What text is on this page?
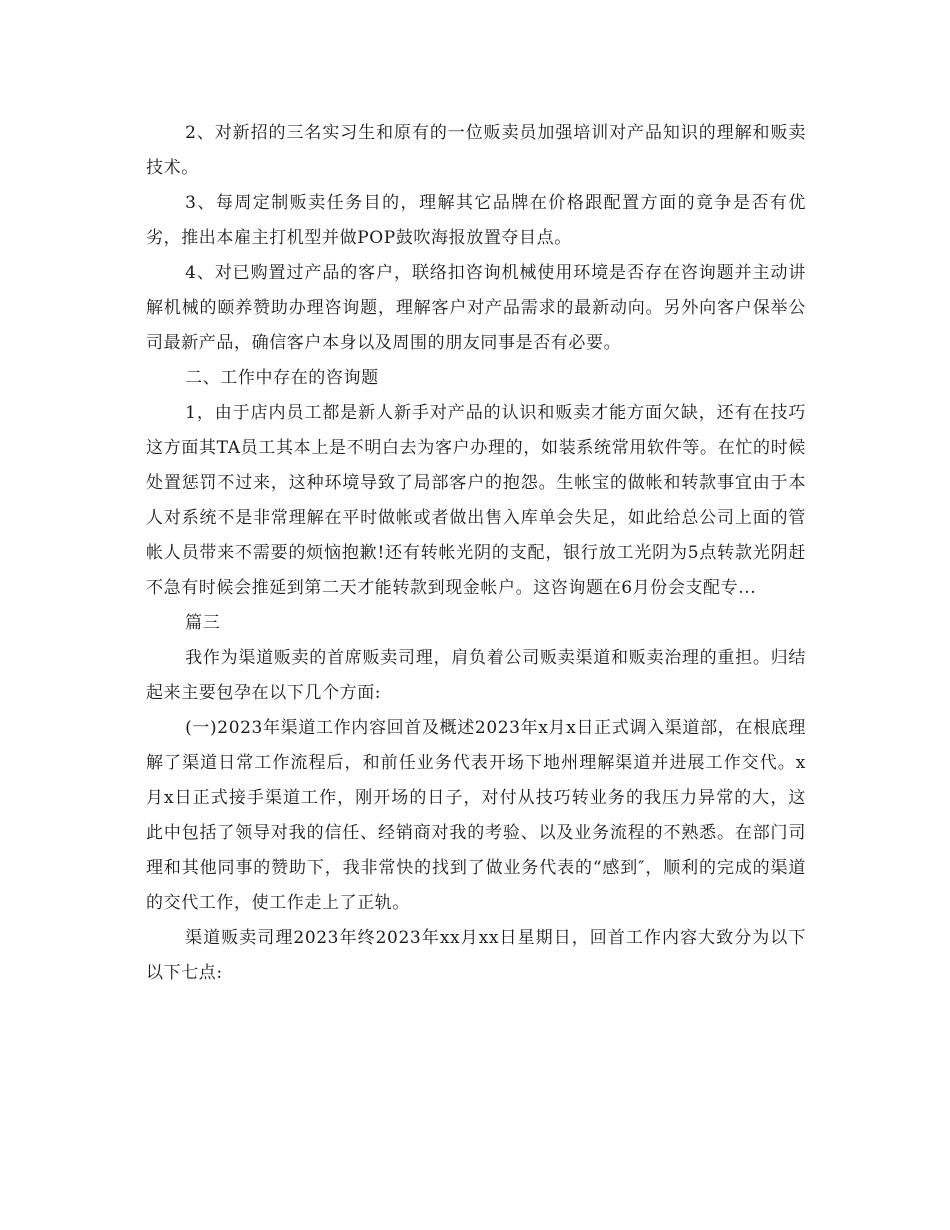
2、对新招的三名实习生和原有的一位贩卖员加强培训对产品知识的理解和贩卖技术。

3、每周定制贩卖任务目的，理解其它品牌在价格跟配置方面的竟争是否有优劣，推出本雇主打机型并做POP鼓吹海报放置夺目点。

4、对已购置过产品的客户，联络扣咨询机械使用环境是否存在咨询题并主动讲解机械的颐养赞助办理咨询题，理解客户对产品需求的最新动向。另外向客户保举公司最新产品，确信客户本身以及周围的朋友同事是否有必要。

二、工作中存在的咨询题

1，由于店内员工都是新人新手对产品的认识和贩卖才能方面欠缺，还有在技巧这方面其TA员工其本上是不明白去为客户办理的，如装系统常用软件等。在忙的时候处置惩罚不过来，这种环境导致了局部客户的抱怨。生帐宝的做帐和转款事宜由于本人对系统不是非常理解在平时做帐或者做出售入库单会失足，如此给总公司上面的管帐人员带来不需要的烦恼抱歉!还有转帐光阴的支配，银行放工光阴为5点转款光阴赶不急有时候会推延到第二天才能转款到现金帐户。这咨询题在6月份会支配专...

篇三

我作为渠道贩卖的首席贩卖司理，肩负着公司贩卖渠道和贩卖治理的重担。归结起来主要包孕在以下几个方面:

(一)2023年渠道工作内容回首及概述2023年x月x日正式调入渠道部，在根底理解了渠道日常工作流程后，和前任业务代表开场下地州理解渠道并进展工作交代。x月x日正式接手渠道工作，刚开场的日子，对付从技巧转业务的我压力异常的大，这此中包括了领导对我的信任、经销商对我的考验、以及业务流程的不熟悉。在部门司理和其他同事的赞助下，我非常快的找到了做业务代表的“感到″，顺利的完成的渠道的交代工作，使工作走上了正轨。

渠道贩卖司理2023年终2023年xx月xx日星期日，回首工作内容大致分为以下以下七点:
